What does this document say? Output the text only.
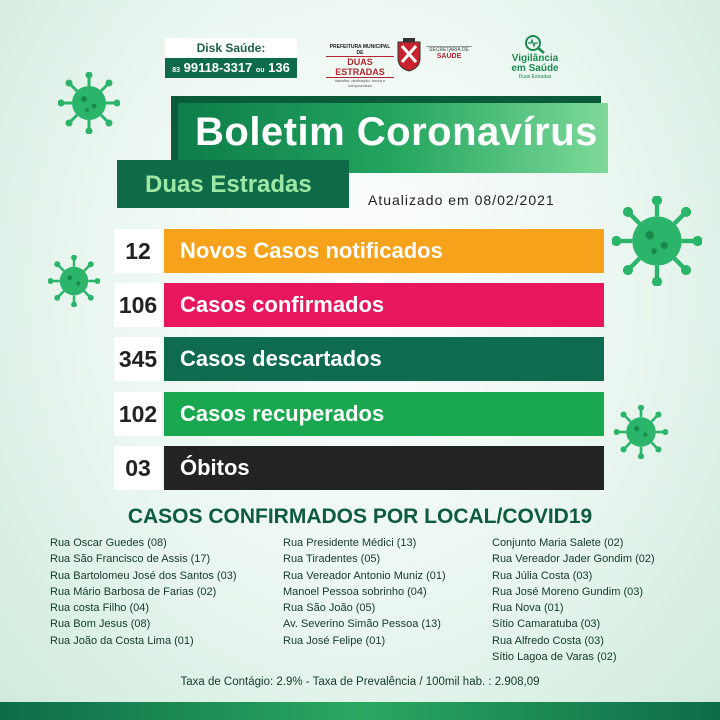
Disk Saúde:
83 99118-3317 ou 136
PREFEITURA MUNICIPAL DE
DUAS ESTRADAS
trabalho, dedicação, honra e compromisso
SECRETARIA DE
SAÚDE	Vigilância
em Saúde
Duas Estradas
Boletim Coronavírus
Duas Estradas
Atualizado em 08/02/2021
12	Novos Casos notificados
106 Casos confirmados
345 Casos descartados
102 Casos recuperados
03	Óbitos
CASOS CONFIRMADOS POR LOCAL/COVID19
Rua Oscar Guedes (08)
Rua São Francisco de Assis (17)
Rua Bartolomeu José dos Santos (03)
Rua Mário Barbosa de Farias (02)
Rua costa Filho (04)
Rua Bom Jesus (08)
Rua João da Costa Lima (01)
Rua Presidente Médici (13)
Rua Tiradentes (05)
Rua Vereador Antonio Muniz (01)
Manoel Pessoa sobrinho (04)
Rua São João (05)
Av. Severino Simão Pessoa (13)
Rua José Felipe (01)
Conjunto Maria Salete (02)
Rua Vereador Jader Gondim (02)
Rua Júlia Costa (03)
Rua José Moreno Gundim (03)
Rua Nova (01)
Sítio Camaratuba (03)
Rua Alfredo Costa (03)
Sítio Lagoa de Varas (02)
Taxa de Contágio: 2.9% - Taxa de Prevalência / 100mil hab. : 2.908,09
